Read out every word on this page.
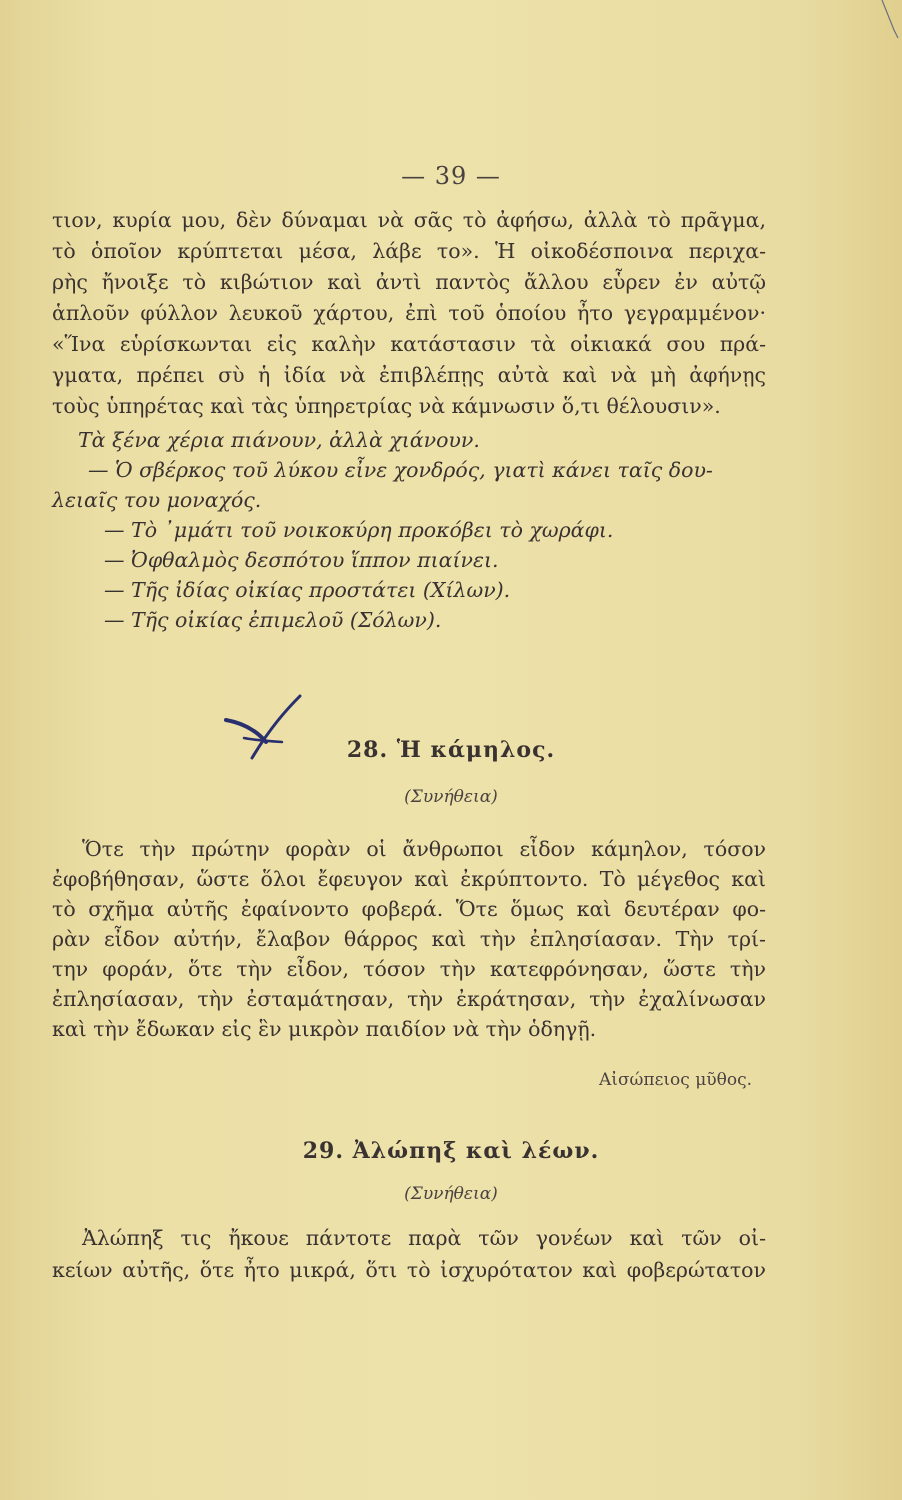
— 39 —
τιον, κυρία μου, δὲν δύναμαι νὰ σᾶς τὸ ἀφήσω, ἀλλὰ τὸ πρᾶγμα,
τὸ ὁποῖον κρύπτεται μέσα, λάβε το». Ἡ οἰκοδέσποινα περιχα-
ρὴς ἤνοιξε τὸ κιβώτιον καὶ ἀντὶ παντὸς ἄλλου εὗρεν ἐν αὐτῷ
ἁπλοῦν φύλλον λευκοῦ χάρτου, ἐπὶ τοῦ ὁποίου ἦτο γεγραμμένον·
«Ἵνα εὑρίσκωνται εἰς καλὴν κατάστασιν τὰ οἰκιακά σου πρά-
γματα, πρέπει σὺ ἡ ἰδία νὰ ἐπιβλέπῃς αὐτὰ καὶ νὰ μὴ ἀφήνῃς
τοὺς ὑπηρέτας καὶ τὰς ὑπηρετρίας νὰ κάμνωσιν ὅ,τι θέλουσιν».
Τὰ ξένα χέρια πιάνουν, ἀλλὰ χιάνουν.
— Ὁ σβέρκος τοῦ λύκου εἶνε χονδρός, γιατὶ κάνει ταῖς δου-
λειαῖς του μοναχός.
— Τὸ ᾽μμάτι τοῦ νοικοκύρη προκόβει τὸ χωράφι.
— Ὀφθαλμὸς δεσπότου ἵππον πιαίνει.
— Τῆς ἰδίας οἰκίας προστάτει (Χίλων).
— Τῆς οἰκίας ἐπιμελοῦ (Σόλων).
28. Ἡ κάμηλος.
(Συνήθεια)
Ὅτε τὴν πρώτην φορὰν οἱ ἄνθρωποι εἶδον κάμηλον, τόσον
ἐφοβήθησαν, ὥστε ὅλοι ἔφευγον καὶ ἐκρύπτοντο. Τὸ μέγεθος καὶ
τὸ σχῆμα αὐτῆς ἐφαίνοντο φοβερά. Ὅτε ὅμως καὶ δευτέραν φο-
ρὰν εἶδον αὐτήν, ἔλαβον θάρρος καὶ τὴν ἐπλησίασαν. Τὴν τρί-
την φοράν, ὅτε τὴν εἶδον, τόσον τὴν κατεφρόνησαν, ὥστε τὴν
ἐπλησίασαν, τὴν ἐσταμάτησαν, τὴν ἐκράτησαν, τὴν ἐχαλίνωσαν
καὶ τὴν ἔδωκαν εἰς ἓν μικρὸν παιδίον νὰ τὴν ὁδηγῇ.
Αἰσώπειος μῦθος.
29. Ἀλώπηξ καὶ λέων.
(Συνήθεια)
Ἀλώπηξ τις ἤκουε πάντοτε παρὰ τῶν γονέων καὶ τῶν οἰ-
κείων αὐτῆς, ὅτε ἦτο μικρά, ὅτι τὸ ἰσχυρότατον καὶ φοβερώτατον
